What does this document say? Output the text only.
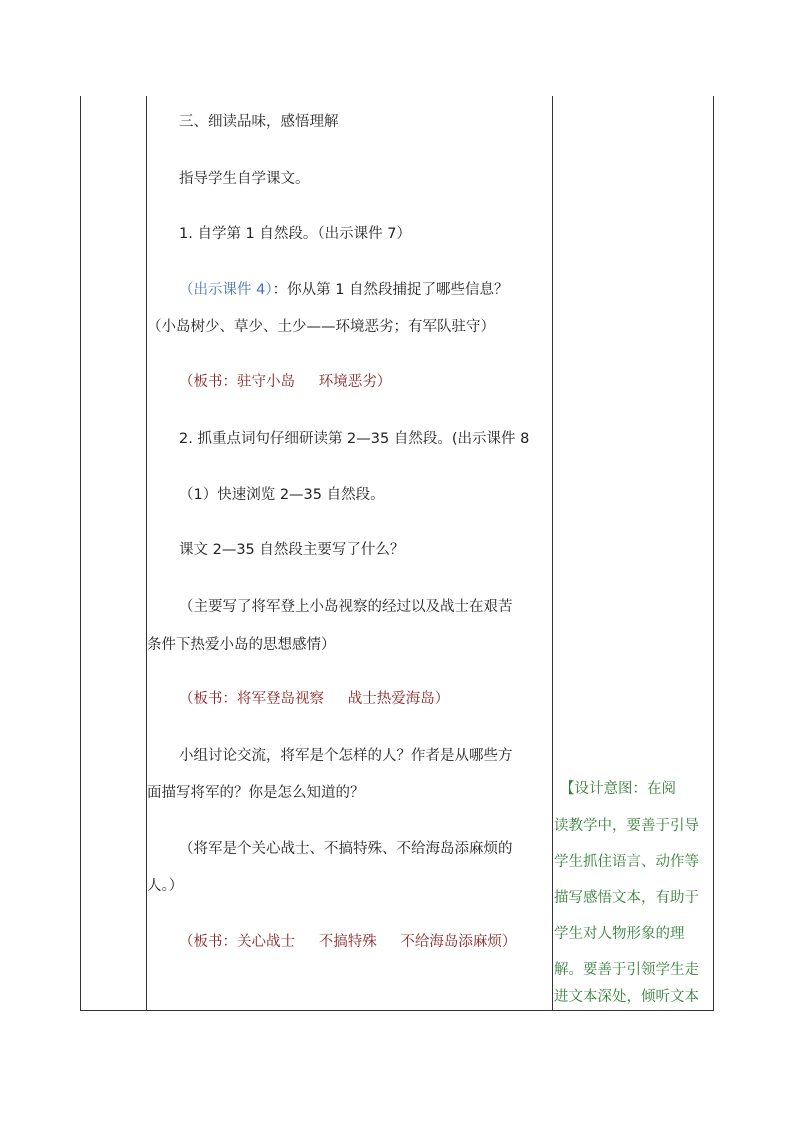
三、细读品味，感悟理解
指导学生自学课文。
1. 自学第 1 自然段。（出示课件 7）
（出示课件 4）：你从第 1 自然段捕捉了哪些信息？
（小岛树少、草少、土少——环境恶劣；有军队驻守）
（板书：驻守小岛 　 环境恶劣）
2. 抓重点词句仔细研读第 2—35 自然段。(出示课件 8
（1）快速浏览 2—35 自然段。
课文 2—35 自然段主要写了什么？
（主要写了将军登上小岛视察的经过以及战士在艰苦
条件下热爱小岛的思想感情）
（板书：将军登岛视察 　 战士热爱海岛）
小组讨论交流，将军是个怎样的人？作者是从哪些方
面描写将军的？你是怎么知道的？
（将军是个关心战士、不搞特殊、不给海岛添麻烦的
人。）
（板书：关心战士 　 不搞特殊 　 不给海岛添麻烦）
【设计意图：在阅
读教学中，要善于引导
学生抓住语言、动作等
描写感悟文本，有助于
学生对人物形象的理
解。要善于引领学生走
进文本深处，倾听文本
